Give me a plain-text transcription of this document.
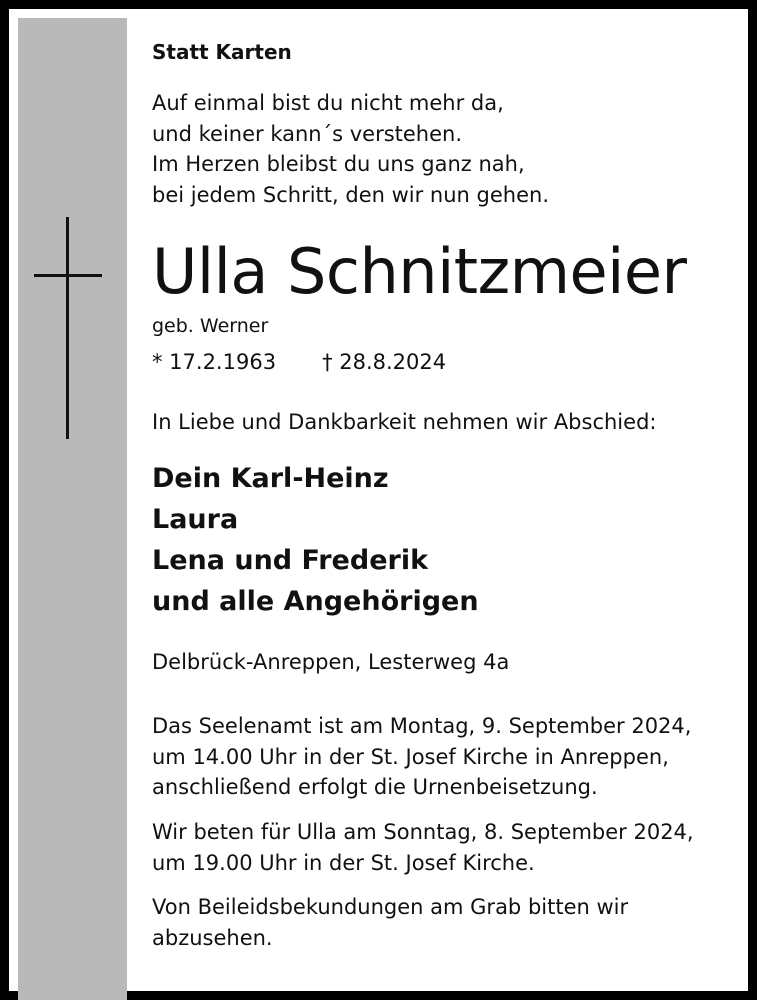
Statt Karten
Auf einmal bist du nicht mehr da,
und keiner kann´s verstehen.
Im Herzen bleibst du uns ganz nah,
bei jedem Schritt, den wir nun gehen.
Ulla Schnitzmeier
geb. Werner
* 17.2.1963 † 28.8.2024
In Liebe und Dankbarkeit nehmen wir Abschied:
Dein Karl-Heinz
Laura
Lena und Frederik
und alle Angehörigen
Delbrück-Anreppen, Lesterweg 4a
Das Seelenamt ist am Montag, 9. September 2024,
um 14.00 Uhr in der St. Josef Kirche in Anreppen,
anschließend erfolgt die Urnenbeisetzung.
Wir beten für Ulla am Sonntag, 8. September 2024,
um 19.00 Uhr in der St. Josef Kirche.
Von Beileidsbekundungen am Grab bitten wir
abzusehen.
